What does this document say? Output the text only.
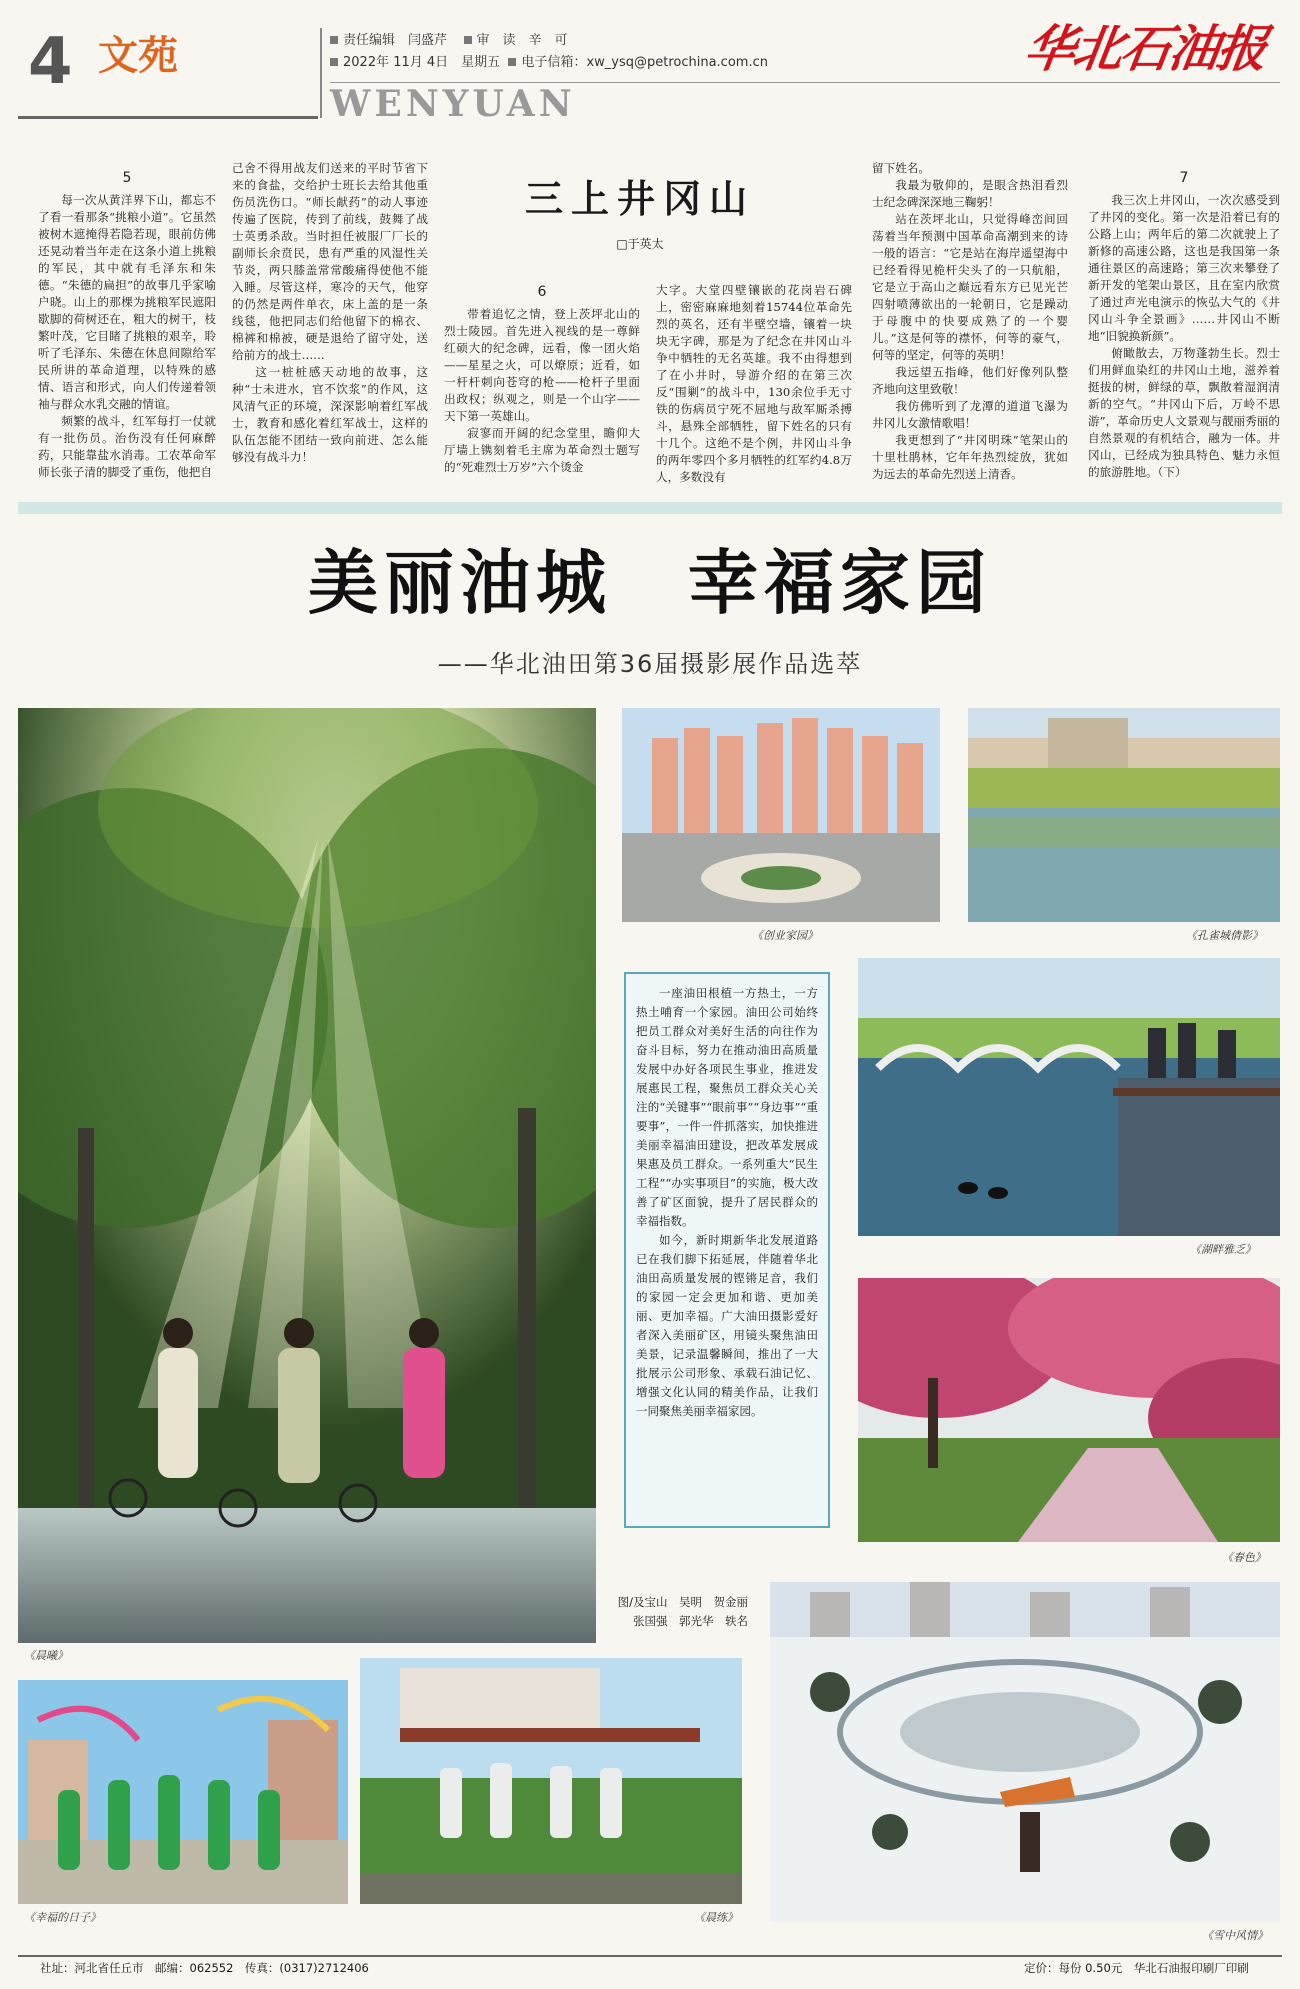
4 文苑	责任编辑　闫盛芹 审　读　辛　可
2022年 11月 4日　星期五 电子信箱：xw_ysq@petrochina.com.cn
WENYUAN
华北石油报
5

每一次从黄洋界下山，都忘不了看一看那条“挑粮小道”。它虽然被树木遮掩得若隐若现，眼前仿佛还晃动着当年走在这条小道上挑粮的军民，其中就有毛泽东和朱德。“朱德的扁担”的故事几乎家喻户晓。山上的那棵为挑粮军民遮阳歇脚的荷树还在，粗大的树干，枝繁叶茂，它目睹了挑粮的艰辛，聆听了毛泽东、朱德在休息间隙给军民所讲的革命道理，以特殊的感情、语言和形式，向人们传递着领袖与群众水乳交融的情谊。

频繁的战斗，红军每打一仗就有一批伤员。治伤没有任何麻醉药，只能靠盐水消毒。工农革命军师长张子清的脚受了重伤，他把自

己舍不得用战友们送来的平时节省下来的食盐，交给护士班长去给其他重伤员洗伤口。“师长献药”的动人事迹传遍了医院，传到了前线，鼓舞了战士英勇杀敌。当时担任被服厂厂长的副师长余贲民，患有严重的风湿性关节炎，两只膝盖常常酸痛得使他不能入睡。尽管这样，寒冷的天气，他穿的仍然是两件单衣，床上盖的是一条线毯，他把同志们给他留下的棉衣、棉裤和棉被，硬是退给了留守处，送给前方的战士……

这一桩桩感天动地的故事，这种“士未进水，官不饮浆”的作风，这风清气正的环境，深深影响着红军战士，教育和感化着红军战士，这样的队伍怎能不团结一致向前进、怎么能够没有战斗力！

三上井冈山
□于英太
6

带着追忆之情，登上茨坪北山的烈士陵园。首先进入视线的是一尊鲜红硕大的纪念碑，远看，像一团火焰——星星之火，可以燎原；近看，如一杆杆刺向苍穹的枪——枪杆子里面出政权；纵观之，则是一个山字——天下第一英雄山。

寂寥而开阔的纪念堂里，瞻仰大厅墙上镌刻着毛主席为革命烈士题写的“死难烈士万岁”六个烫金

大字。大堂四壁镶嵌的花岗岩石碑上，密密麻麻地刻着15744位革命先烈的英名，还有半壁空墙，镶着一块块无字碑，那是为了纪念在井冈山斗争中牺牲的无名英雄。我不由得想到了在小井时，导游介绍的在第三次反“围剿”的战斗中，130余位手无寸铁的伤病员宁死不屈地与敌军厮杀搏斗，悬殊全部牺牲，留下姓名的只有十几个。这绝不是个例，井冈山斗争的两年零四个多月牺牲的红军约4.8万人，多数没有

留下姓名。

我最为敬仰的，是眼含热泪看烈士纪念碑深深地三鞠躬！

站在茨坪北山，只觉得峰峦间回荡着当年预测中国革命高潮到来的诗一般的语言：“它是站在海岸遥望海中已经看得见桅杆尖头了的一只航船，它是立于高山之巅远看东方已见光芒四射喷薄欲出的一轮朝日，它是躁动于母腹中的快要成熟了的一个婴儿。”这是何等的襟怀，何等的豪气，何等的坚定，何等的英明！

我远望五指峰，他们好像列队整齐地向这里致敬！

我仿佛听到了龙潭的道道飞瀑为井冈儿女激情歌唱！

我更想到了“井冈明珠”笔架山的十里杜鹃林，它年年热烈绽放，犹如为远去的革命先烈送上清香。

7

我三次上井冈山，一次次感受到了井冈的变化。第一次是沿着已有的公路上山；两年后的第二次就驶上了新修的高速公路，这也是我国第一条通往景区的高速路；第三次来攀登了新开发的笔架山景区，且在室内欣赏了通过声光电演示的恢弘大气的《井冈山斗争全景画》……井冈山不断地“旧貌换新颜”。

俯瞰散去，万物蓬勃生长。烈士们用鲜血染红的井冈山土地，滋养着挺拔的树，鲜绿的草，飘散着湿润清新的空气。“井冈山下后，万岭不思游”，革命历史人文景观与靓丽秀丽的自然景观的有机结合，融为一体。井冈山，已经成为独具特色、魅力永恒的旅游胜地。（下）

美丽油城　幸福家园
——华北油田第36届摄影展作品选萃
《晨曦》
《创业家园》	《孔雀城倩影》
《湖畔雅乏》
《春色》
《幸福的日子》	《晨练》
《雪中风情》

一座油田根植一方热土，一方热土哺育一个家园。油田公司始终把员工群众对美好生活的向往作为奋斗目标，努力在推动油田高质量发展中办好各项民生事业，推进发展惠民工程，聚焦员工群众关心关注的“关键事”“眼前事”“身边事”“重要事”，一件一件抓落实，加快推进美丽幸福油田建设，把改革发展成果惠及员工群众。一系列重大“民生工程”“办实事项目”的实施，极大改善了矿区面貌，提升了居民群众的幸福指数。

如今，新时期新华北发展道路已在我们脚下拓延展，伴随着华北油田高质量发展的铿锵足音，我们的家园一定会更加和谐、更加美丽、更加幸福。广大油田摄影爱好者深入美丽矿区，用镜头聚焦油田美景，记录温馨瞬间，推出了一大批展示公司形象、承载石油记忆、增强文化认同的精美作品，让我们一同聚焦美丽幸福家园。

图/及宝山　吴明　贺金丽　张国强　郭光华　轶名
社址：河北省任丘市　邮编：062552　传真：(0317)2712406	定价：每份 0.50元　华北石油报印刷厂印刷
